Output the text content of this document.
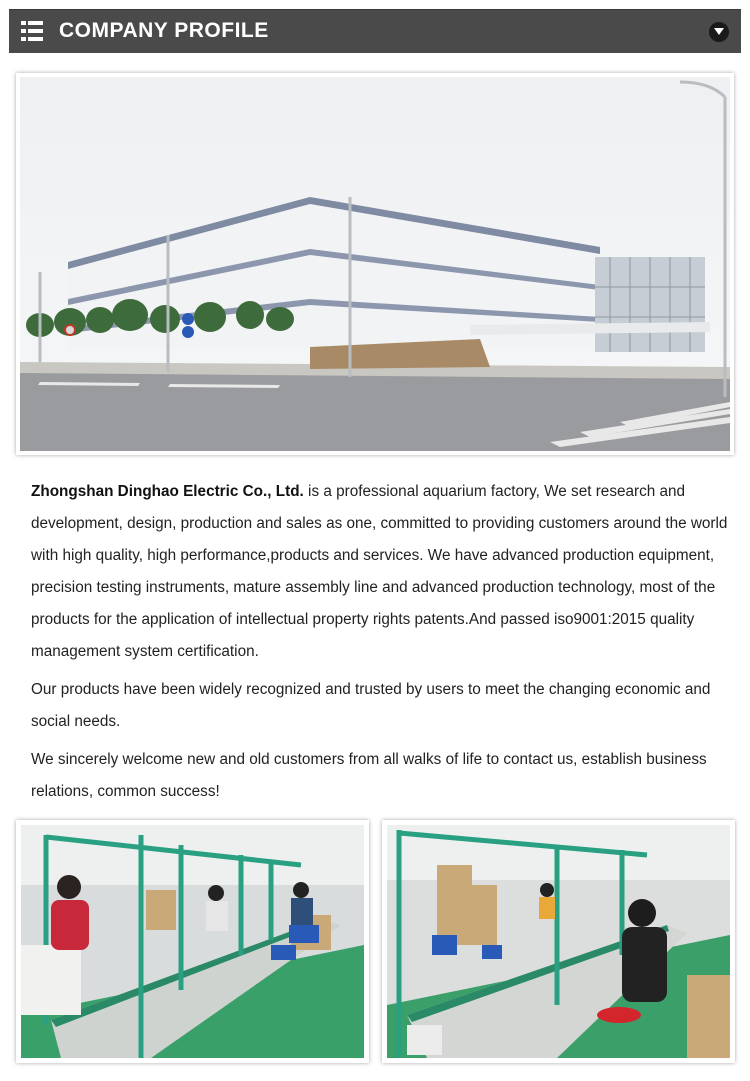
COMPANY PROFILE

Zhongshan Dinghao Electric Co., Ltd. is a professional aquarium factory, We set research and development, design, production and sales as one, committed to providing customers around the world with high quality, high performance,products and services. We have advanced production equipment, precision testing instruments, mature assembly line and advanced production technology, most of the products for the application of intellectual property rights patents.And passed iso9001:2015 quality management system certification.

Our products have been widely recognized and trusted by users to meet the changing economic and social needs.

We sincerely welcome new and old customers from all walks of life to contact us, establish business relations, common success!
